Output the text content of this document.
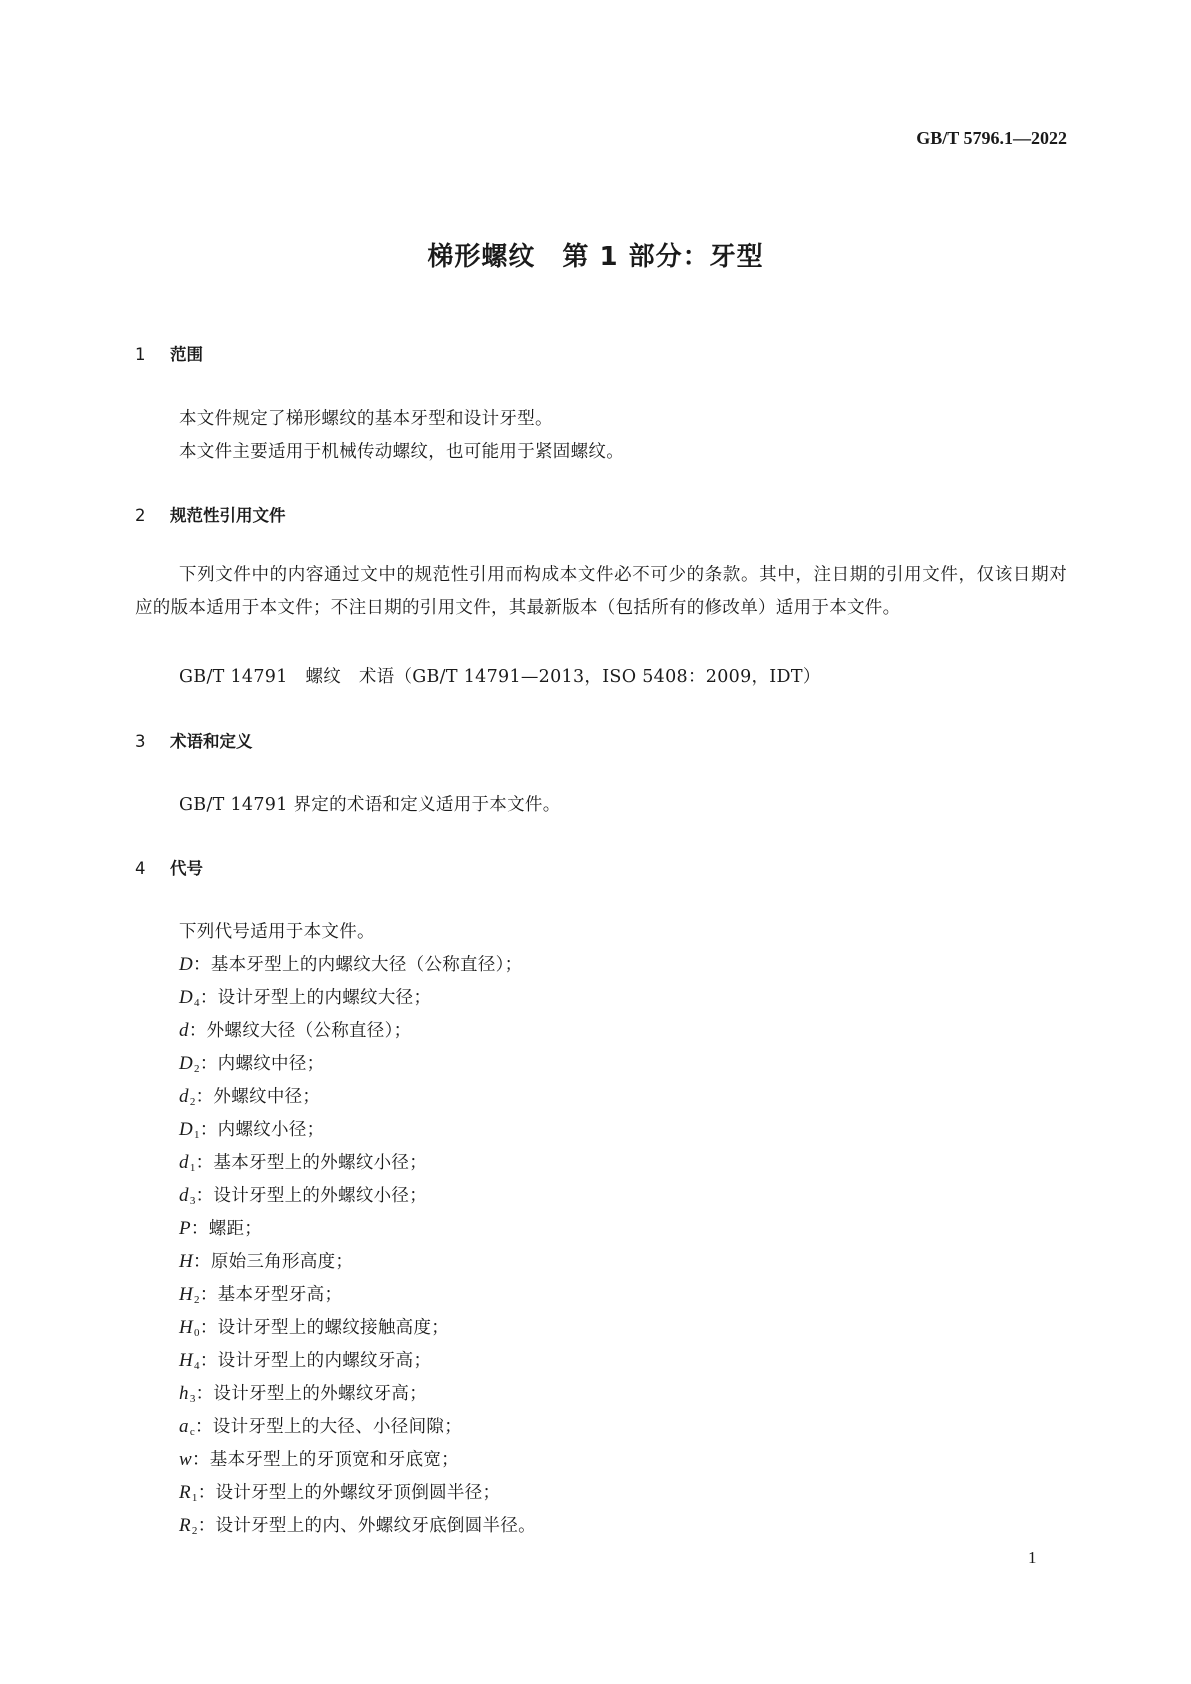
GB/T 5796.1—2022
梯形螺纹　第 1 部分：牙型
1 范围
本文件规定了梯形螺纹的基本牙型和设计牙型。
本文件主要适用于机械传动螺纹，也可能用于紧固螺纹。
2 规范性引用文件
下列文件中的内容通过文中的规范性引用而构成本文件必不可少的条款。其中，注日期的引用文件，仅该日期对应的版本适用于本文件；不注日期的引用文件，其最新版本（包括所有的修改单）适用于本文件。
GB/T 14791　螺纹　术语（GB/T 14791—2013，ISO 5408：2009，IDT）
3 术语和定义
GB/T 14791 界定的术语和定义适用于本文件。
4 代号
下列代号适用于本文件。
D：基本牙型上的内螺纹大径（公称直径）；
$D_4$：设计牙型上的内螺纹大径；
d：外螺纹大径（公称直径）；
$D_2$：内螺纹中径；
$d_2$：外螺纹中径；
$D_1$：内螺纹小径；
$d_1$：基本牙型上的外螺纹小径；
$d_3$：设计牙型上的外螺纹小径；
P：螺距；
H：原始三角形高度；
$H_2$：基本牙型牙高；
$H_0$：设计牙型上的螺纹接触高度；
$H_4$：设计牙型上的内螺纹牙高；
$h_3$：设计牙型上的外螺纹牙高；
$a_c$：设计牙型上的大径、小径间隙；
w：基本牙型上的牙顶宽和牙底宽；
$R_1$：设计牙型上的外螺纹牙顶倒圆半径；
$R_2$：设计牙型上的内、外螺纹牙底倒圆半径。
1
